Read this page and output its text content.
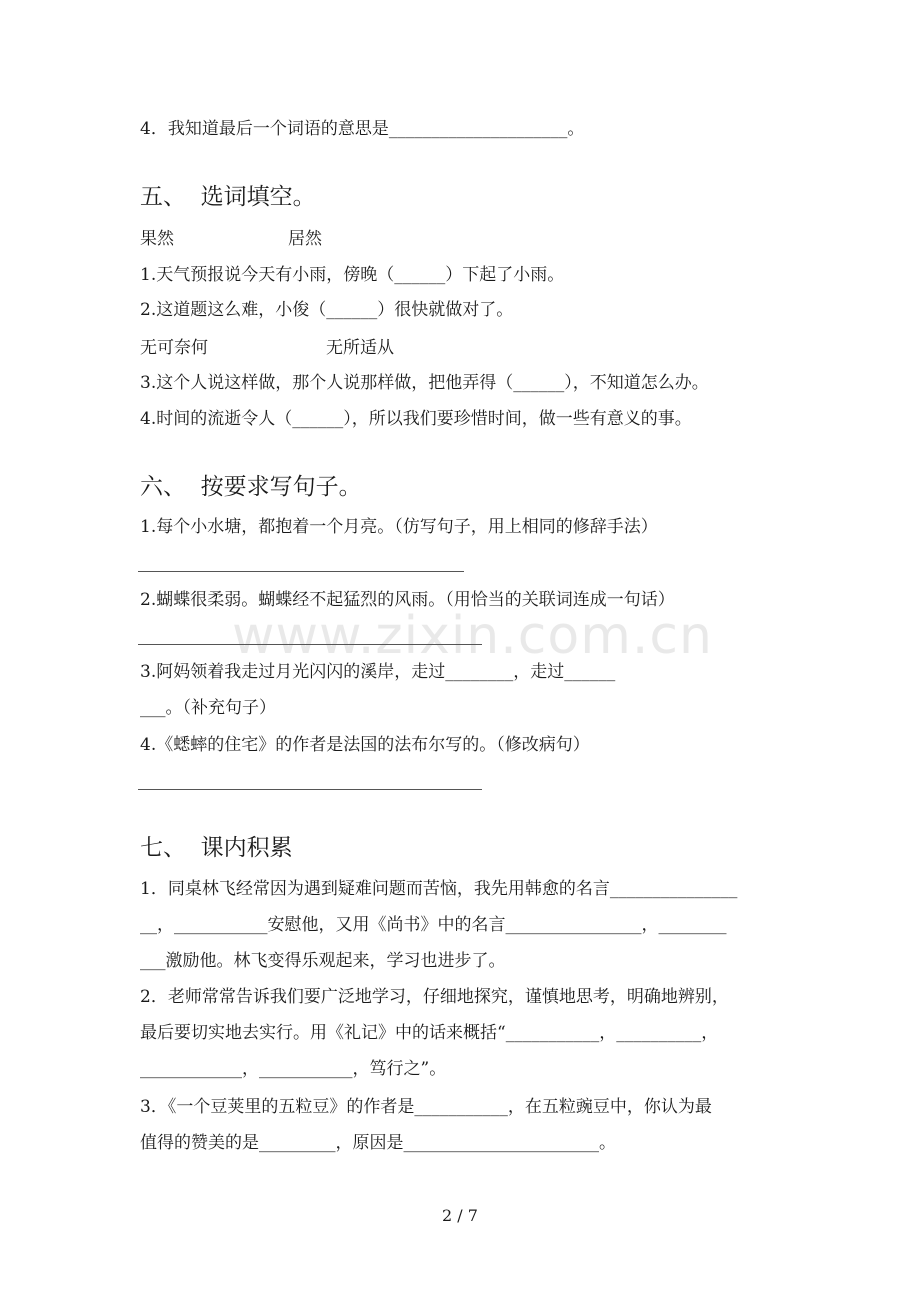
www.zixin.com.cn
4．我知道最后一个词语的意思是_____________________。
五、  选词填空。
果然	居然
1.天气预报说今天有小雨，傍晚（______）下起了小雨。
2.这道题这么难，小俊（______）很快就做对了。
无可奈何	无所适从
3.这个人说这样做，那个人说那样做，把他弄得（______），不知道怎么办。
4.时间的流逝令人（______），所以我们要珍惜时间，做一些有意义的事。
六、  按要求写句子。
1.每个小水塘，都抱着一个月亮。（仿写句子，用上相同的修辞手法）
2.蝴蝶很柔弱。蝴蝶经不起猛烈的风雨。（用恰当的关联词连成一句话）
3.阿妈领着我走过月光闪闪的溪岸，走过________，走过______
___。（补充句子）
4.《蟋蟀的住宅》的作者是法国的法布尔写的。（修改病句）
七、  课内积累
1．同桌林飞经常因为遇到疑难问题而苦恼，我先用韩愈的名言_______________
__，___________安慰他，又用《尚书》中的名言________________，________
___激励他。林飞变得乐观起来，学习也进步了。
2．老师常常告诉我们要广泛地学习，仔细地探究，谨慎地思考，明确地辨别，
最后要切实地去实行。用《礼记》中的话来概括“___________，__________，
____________，___________，笃行之”。
3．《一个豆荚里的五粒豆》的作者是___________，在五粒豌豆中，你认为最
值得的赞美的是_________，原因是_______________________。
2 / 7
